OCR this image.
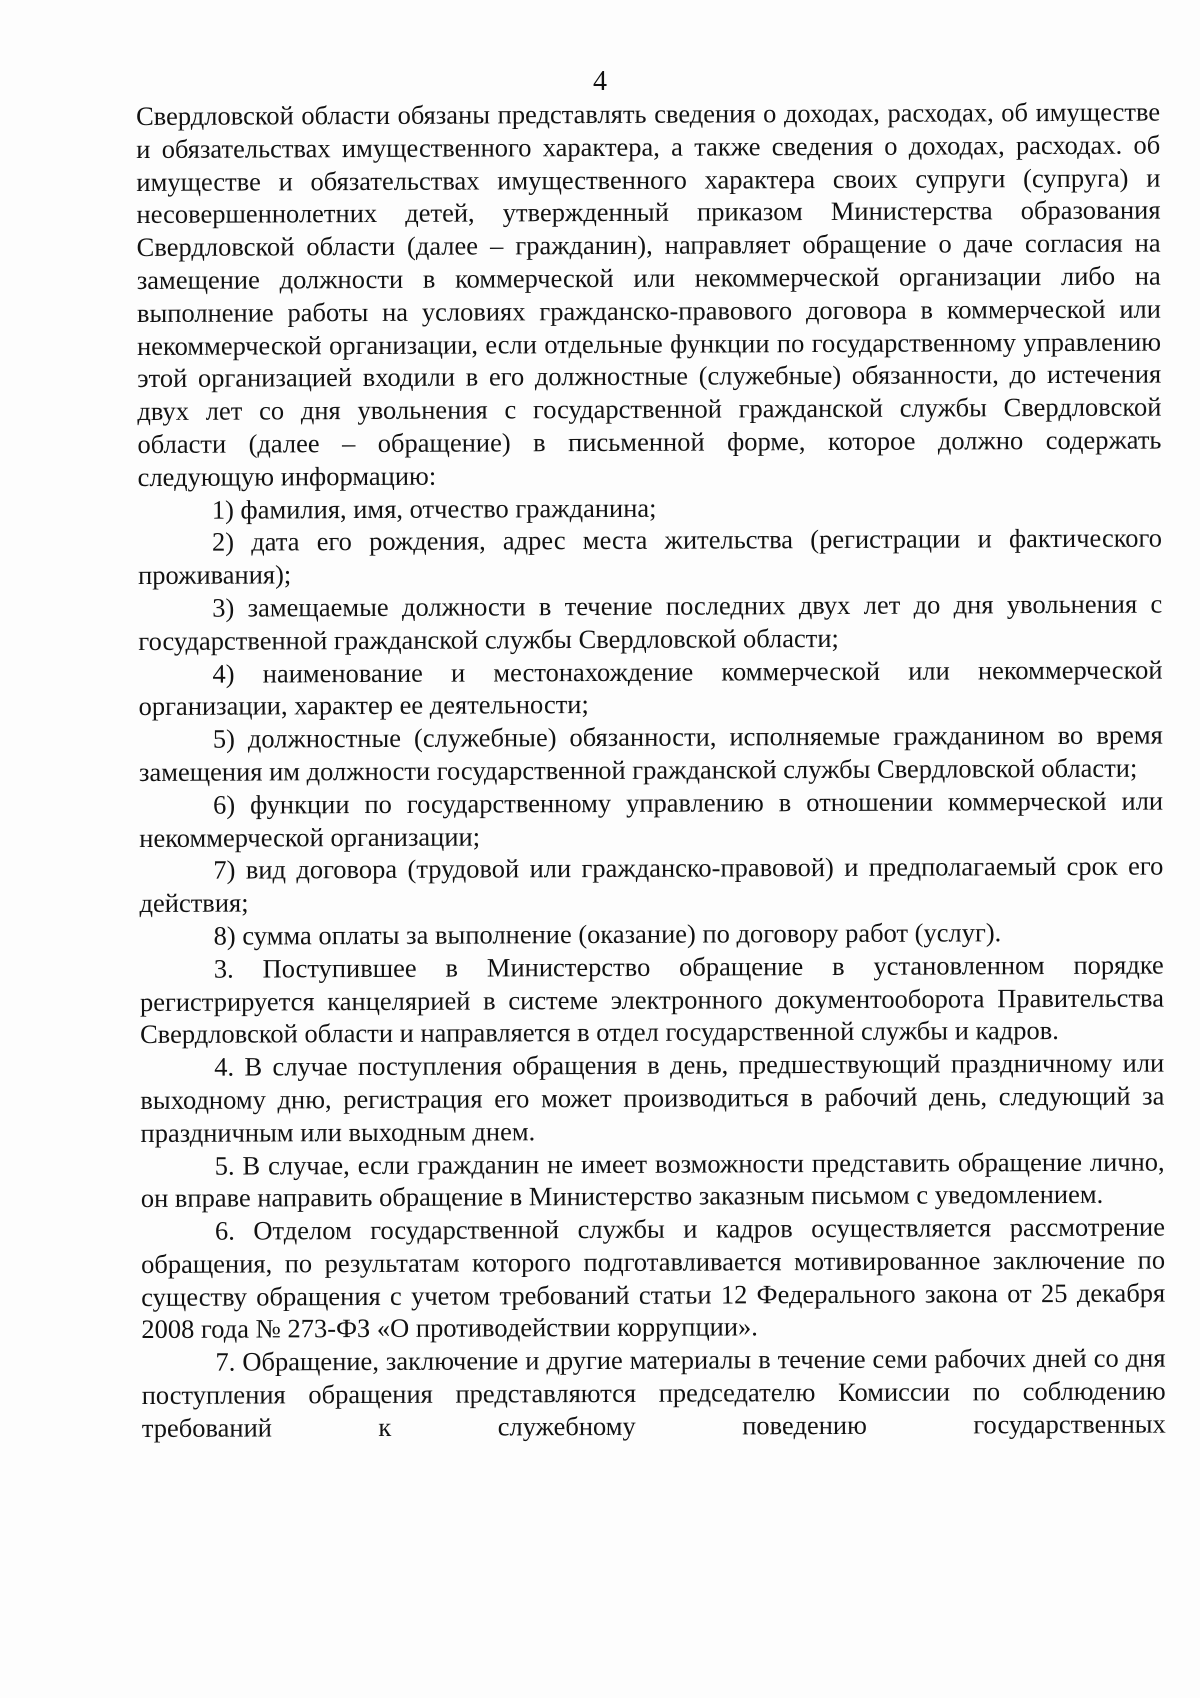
4

Свердловской области обязаны представлять сведения о доходах, расходах, об имуществе и обязательствах имущественного характера, а также сведения о доходах, расходах. об имуществе и обязательствах имущественного характера своих супруги (супруга) и несовершеннолетних детей, утвержденный приказом Министерства образования Свердловской области (далее – гражданин), направляет обращение о даче согласия на замещение должности в коммерческой или некоммерческой организации либо на выполнение работы на условиях гражданско-правового договора в коммерческой или некоммерческой организации, если отдельные функции по государственному управлению этой организацией входили в его должностные (служебные) обязанности, до истечения двух лет со дня увольнения с государственной гражданской службы Свердловской области (далее – обращение) в письменной форме, которое должно содержать следующую информацию:

1) фамилия, имя, отчество гражданина;

2) дата его рождения, адрес места жительства (регистрации и фактического проживания);

3) замещаемые должности в течение последних двух лет до дня увольнения с государственной гражданской службы Свердловской области;

4) наименование и местонахождение коммерческой или некоммерческой организации, характер ее деятельности;

5) должностные (служебные) обязанности, исполняемые гражданином во время замещения им должности государственной гражданской службы Свердловской области;

6) функции по государственному управлению в отношении коммерческой или некоммерческой организации;

7) вид договора (трудовой или гражданско-правовой) и предполагаемый срок его действия;

8) сумма оплаты за выполнение (оказание) по договору работ (услуг).

3. Поступившее в Министерство обращение в установленном порядке регистрируется канцелярией в системе электронного документооборота Правительства Свердловской области и направляется в отдел государственной службы и кадров.

4. В случае поступления обращения в день, предшествующий праздничному или выходному дню, регистрация его может производиться в рабочий день, следующий за праздничным или выходным днем.

5. В случае, если гражданин не имеет возможности представить обращение лично, он вправе направить обращение в Министерство заказным письмом с уведомлением.

6. Отделом государственной службы и кадров осуществляется рассмотрение обращения, по результатам которого подготавливается мотивированное заключение по существу обращения с учетом требований статьи 12 Федерального закона от 25 декабря 2008 года № 273-ФЗ «О противодействии коррупции».

7. Обращение, заключение и другие материалы в течение семи рабочих дней со дня поступления обращения представляются председателю Комиссии по соблюдению требований к служебному поведению государственных
